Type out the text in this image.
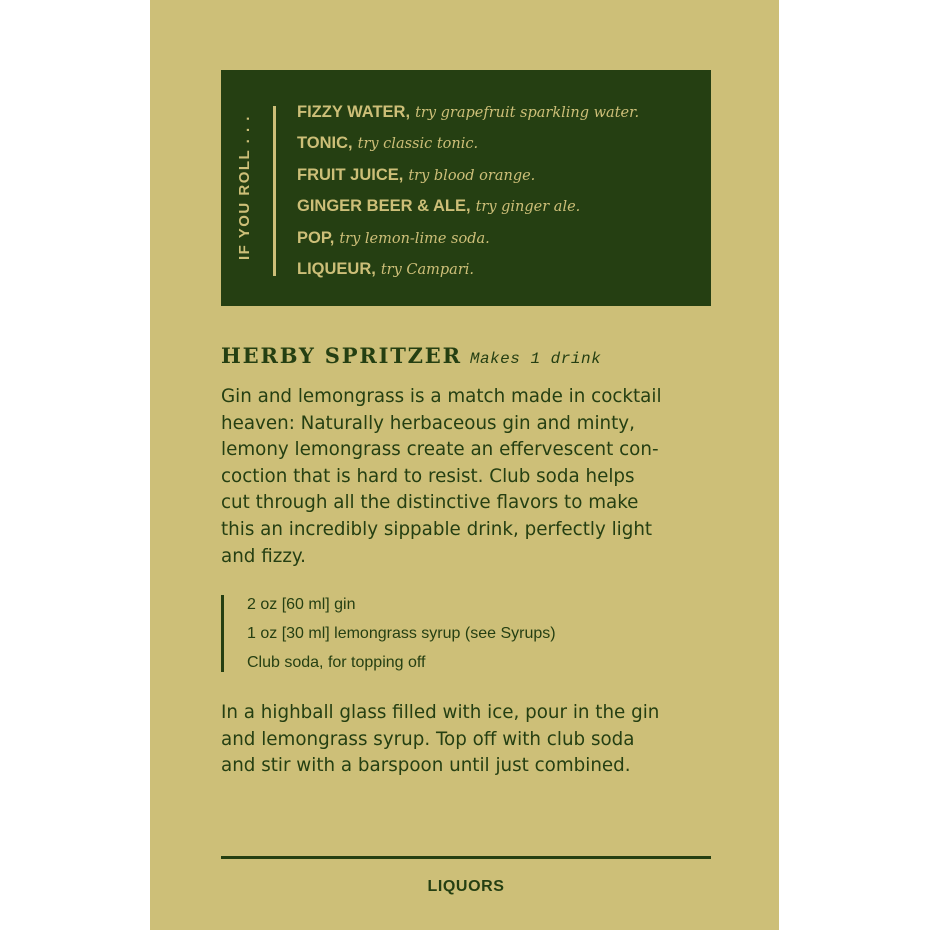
IF YOU ROLL . . .
FIZZY WATER, try grapefruit sparkling water.
TONIC, try classic tonic.
FRUIT JUICE, try blood orange.
GINGER BEER & ALE, try ginger ale.
POP, try lemon-lime soda.
LIQUEUR, try Campari.
HERBY SPRITZER Makes 1 drink

Gin and lemongrass is a match made in cocktail
heaven: Naturally herbaceous gin and minty,
lemony lemongrass create an effervescent con-
coction that is hard to resist. Club soda helps
cut through all the distinctive flavors to make
this an incredibly sippable drink, perfectly light
and fizzy.

2 oz [60 ml] gin
1 oz [30 ml] lemongrass syrup (see Syrups)
Club soda, for topping off

In a highball glass filled with ice, pour in the gin
and lemongrass syrup. Top off with club soda
and stir with a barspoon until just combined.

LIQUORS
